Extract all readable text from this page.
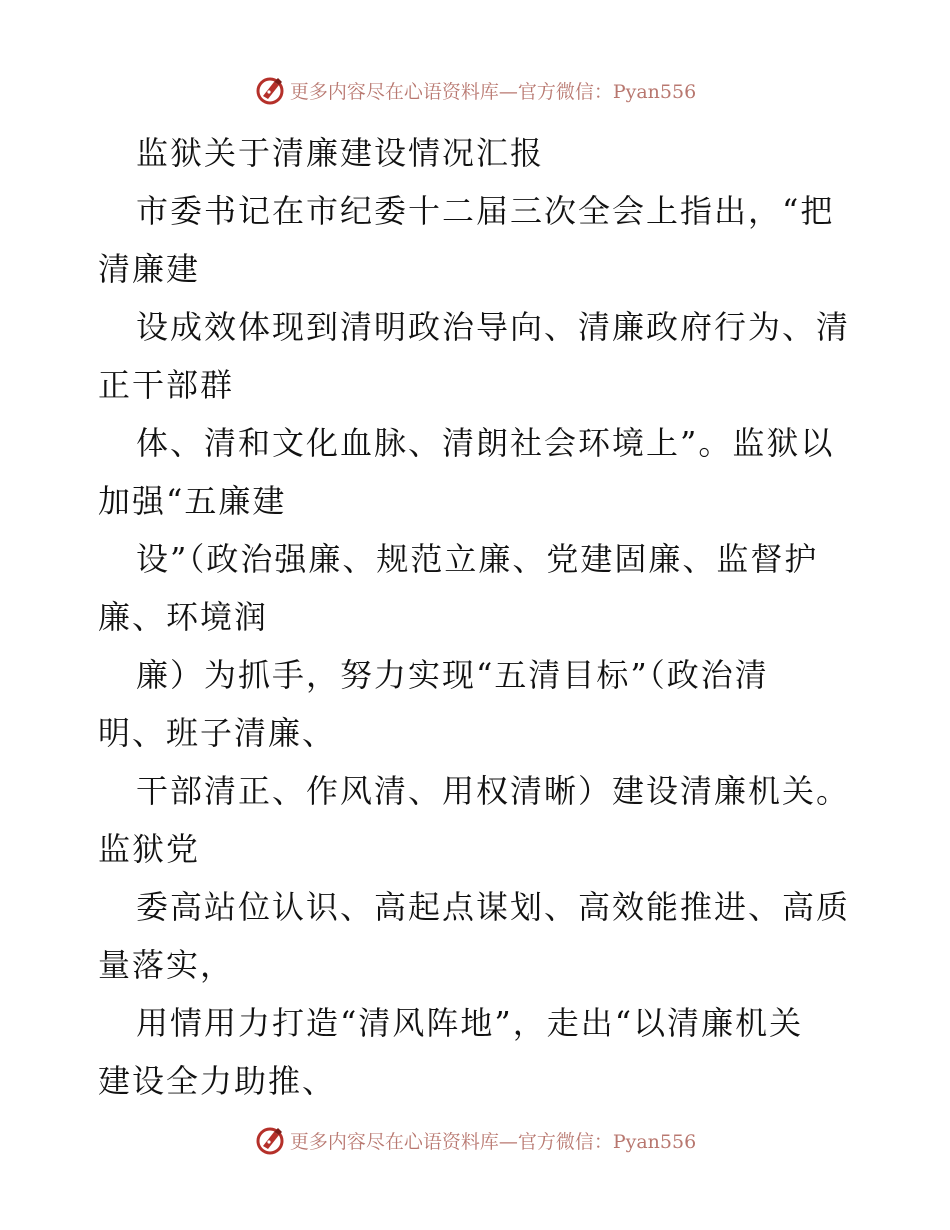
更多内容尽在心语资料库—官方微信：Pyan556
监狱关于清廉建设情况汇报
市委书记在市纪委十二届三次全会上指出，“把
清廉建
设成效体现到清明政治导向、清廉政府行为、清
正干部群
体、清和文化血脉、清朗社会环境上”。监狱以
加强“五廉建
设”（政治强廉、规范立廉、党建固廉、监督护
廉、环境润
廉）为抓手，努力实现“五清目标”（政治清
明、班子清廉、
干部清正、作风清、用权清晰）建设清廉机关。
监狱党
委高站位认识、高起点谋划、高效能推进、高质
量落实，
用情用力打造“清风阵地”，走出“以清廉机关
建设全力助推、
更多内容尽在心语资料库—官方微信：Pyan556
